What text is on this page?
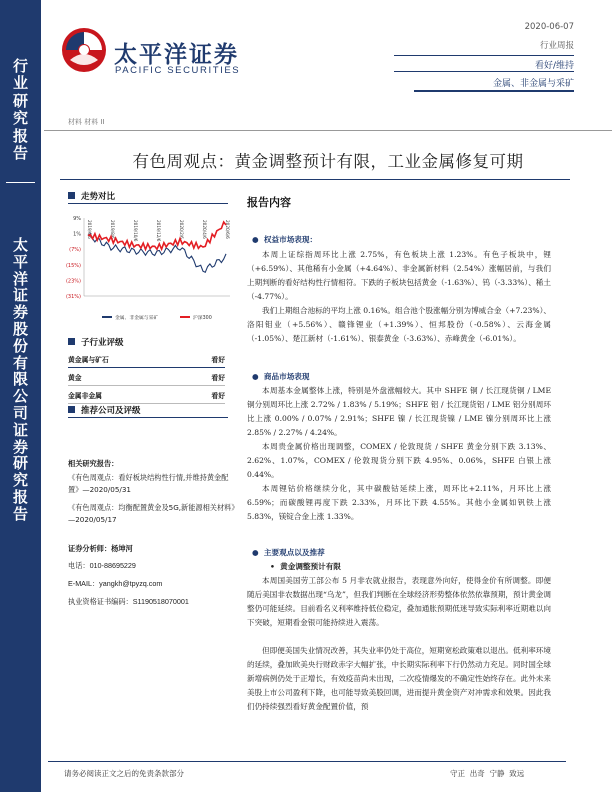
行
业
研
究
报
告
太
平
洋
证
券
股
份
有
限
公
司
证
券
研
究
报
告
太平洋证券
PACIFIC SECURITIES
2020-06-07
行业周报
看好/维持
金属、非金属与采矿
材料 材料 II
有色周观点：黄金调整预计有限，工业金属修复可期
走势对比
9%
1%
(7%)
(15%)
(23%)
(31%)
2019/6/6	2019/8/6	2019/10/6	2019/12/6	2020/2/6	2020/4/6	2020/6/6
金属、非金属与采矿	沪深300
子行业评级
黄金属与矿石	看好
黄金	看好
金属非金属	看好
推荐公司及评级
相关研究报告：
《有色周观点：看好板块结构性行情,并维持黄金配置》—2020/05/31
《有色周观点：均衡配置黄金及5G,新能源相关材料》—2020/05/17
证券分析师：杨坤河
电话：010-88695229
E-MAIL：yangkh@tpyzq.com
执业资格证书编码：S1190518070001
报告内容
●  权益市场表现：
本周上证综指周环比上涨 2.75%，有色板块上涨 1.23%。有色子板块中，锂（+6.59%）、其他稀有小金属（+4.64%）、非金属新材料（2.54%）涨幅居前，与我们上期判断的看好结构性行情相符。下跌的子板块包括黄金（-1.63%）、钨（-3.33%）、稀土（-4.77%）。
我们上期组合池标的平均上涨 0.16%。组合池个股涨幅分别为博威合金（+7.23%）、洛阳钼业（+5.56%）、赣锋锂业（+1.39%）、恒邦股份（-0.58%）、云海金属（-1.05%）、楚江新材（-1.61%）、银泰黄金（-3.63%）、赤峰黄金（-6.01%）。
●  商品市场表现
本周基本金属整体上涨，特别是外盘涨幅较大。其中 SHFE 铜 / 长江现货铜 / LME 铜分别周环比上涨 2.72% / 1.83% / 5.19%；SHFE 铝 / 长江现货铝 / LME 铝分别周环比上涨 0.00% / 0.07% / 2.91%；SHFE 镍 / 长江现货镍 / LME 镍分别周环比上涨 2.85% / 2.27% / 4.24%。
本周贵金属价格出现调整，COMEX / 伦敦现货 / SHFE 黄金分别下跌 3.13%、2.62%、1.07%，COMEX / 伦敦现货分别下跌 4.95%、0.06%，SHFE 白银上涨 0.44%。
本周锂钴价格继续分化，其中碳酸钴延续上涨，周环比+2.11%，月环比上涨 6.59%；而碳酸锂再度下跌 2.33%，月环比下跌 4.55%。其他小金属如钒铁上涨 5.83%，镁锭合金上涨 1.33%。
●  主要观点以及推荐
•  黄金调整预计有限
本周国美国劳工部公布 5 月非农就业报告，表现意外向好，使得金价有所调整。即便随后美国非农数据出现“乌龙”，但我们判断在全球经济形势整体依然依靠预期，预计黄金调整仍可能延续。目前看名义利率维持低位稳定，叠加通胀预期低迷导致实际利率近期难以向下突破，短期看金银可能持续进入震荡。
但即便美国失业情况改善，其失业率仍处于高位，短期宽松政策难以退出。低利率环境的延续，叠加欧美央行财政赤字大幅扩张，中长期实际利率下行仍然动力充足。同时国全球新增病例仍处于正增长，有效疫苗尚未出现，二次疫情爆发的不确定性始终存在。此外未来美股上市公司盈利下降，也可能导致美股回调，进而提升黄金资产对冲需求和效果。因此我们仍持续强烈看好黄金配置价值，预
请务必阅读正文之后的免责条款部分	守正  出奇  宁静  致远
